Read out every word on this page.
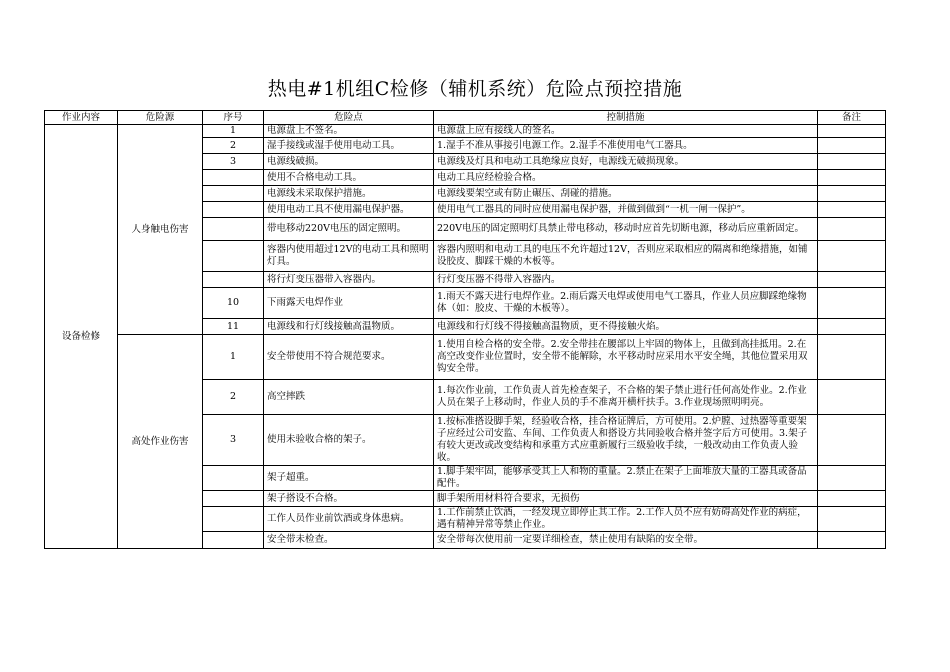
热电#1机组C检修（辅机系统）危险点预控措施
作业内容	危险源	序号	危险点	控制措施	备注
设备检修	人身触电伤害	1	电源盘上不签名。	电源盘上应有接线人的签名。	
		2	湿手接线或湿手使用电动工具。	1.湿手不准从事接引电源工作。2.湿手不准使用电气工器具。	
		3	电源线破损。	电源线及灯具和电动工具绝缘应良好，电源线无破损现象。	
			使用不合格电动工具。	电动工具应经检验合格。	
			电源线未采取保护措施。	电源线要架空或有防止碾压、刮碰的措施。	
			使用电动工具不使用漏电保护器。	使用电气工器具的同时应使用漏电保护器，并做到做到“一机一闸一保护”。	
			带电移动220V电压的固定照明。	220V电压的固定照明灯具禁止带电移动，移动时应首先切断电源，移动后应重新固定。	
			容器内使用超过12V的电动工具和照明灯具。	容器内照明和电动工具的电压不允许超过12V，否则应采取相应的隔离和绝缘措施，如铺设胶皮、脚踩干燥的木板等。	
			将行灯变压器带入容器内。	行灯变压器不得带入容器内。	
		10	下雨露天电焊作业	1.雨天不露天进行电焊作业。2.雨后露天电焊或使用电气工器具，作业人员应脚踩绝缘物体（如：胶皮、干燥的木板等）。	
		11	电源线和行灯线接触高温物质。	电源线和行灯线不得接触高温物质，更不得接触火焰。	
	高处作业伤害	1	安全带使用不符合规范要求。	1.使用自检合格的安全带。2.安全带挂在腰部以上牢固的物体上，且做到高挂抵用。2.在高空改变作业位置时，安全带不能解除，水平移动时应采用水平安全绳，其他位置采用双钩安全带。	
		2	高空摔跌	1.每次作业前，工作负责人首先检查架子，不合格的架子禁止进行任何高处作业。2.作业人员在架子上移动时，作业人员的手不准离开横杆扶手。3.作业现场照明明亮。	
		3	使用未验收合格的架子。	1.按标准搭设脚手架，经验收合格，挂合格证牌后，方可使用。2.炉膛、过热器等重要架子应经过公司安监、车间、工作负责人和搭设方共同验收合格并签字后方可使用。3.架子有较大更改或改变结构和承重方式应重新履行三级验收手续，一般改动由工作负责人验收。	
			架子超重。	1.脚手架牢固，能够承受其上人和物的重量。2.禁止在架子上面堆放大量的工器具或备品配件。	
			架子搭设不合格。	脚手架所用材料符合要求，无损伤	
			工作人员作业前饮酒或身体患病。	1.工作前禁止饮酒，一经发现立即停止其工作。2.工作人员不应有妨碍高处作业的病症，遇有精神异常等禁止作业。	
			安全带未检查。	安全带每次使用前一定要详细检查，禁止使用有缺陷的安全带。	
